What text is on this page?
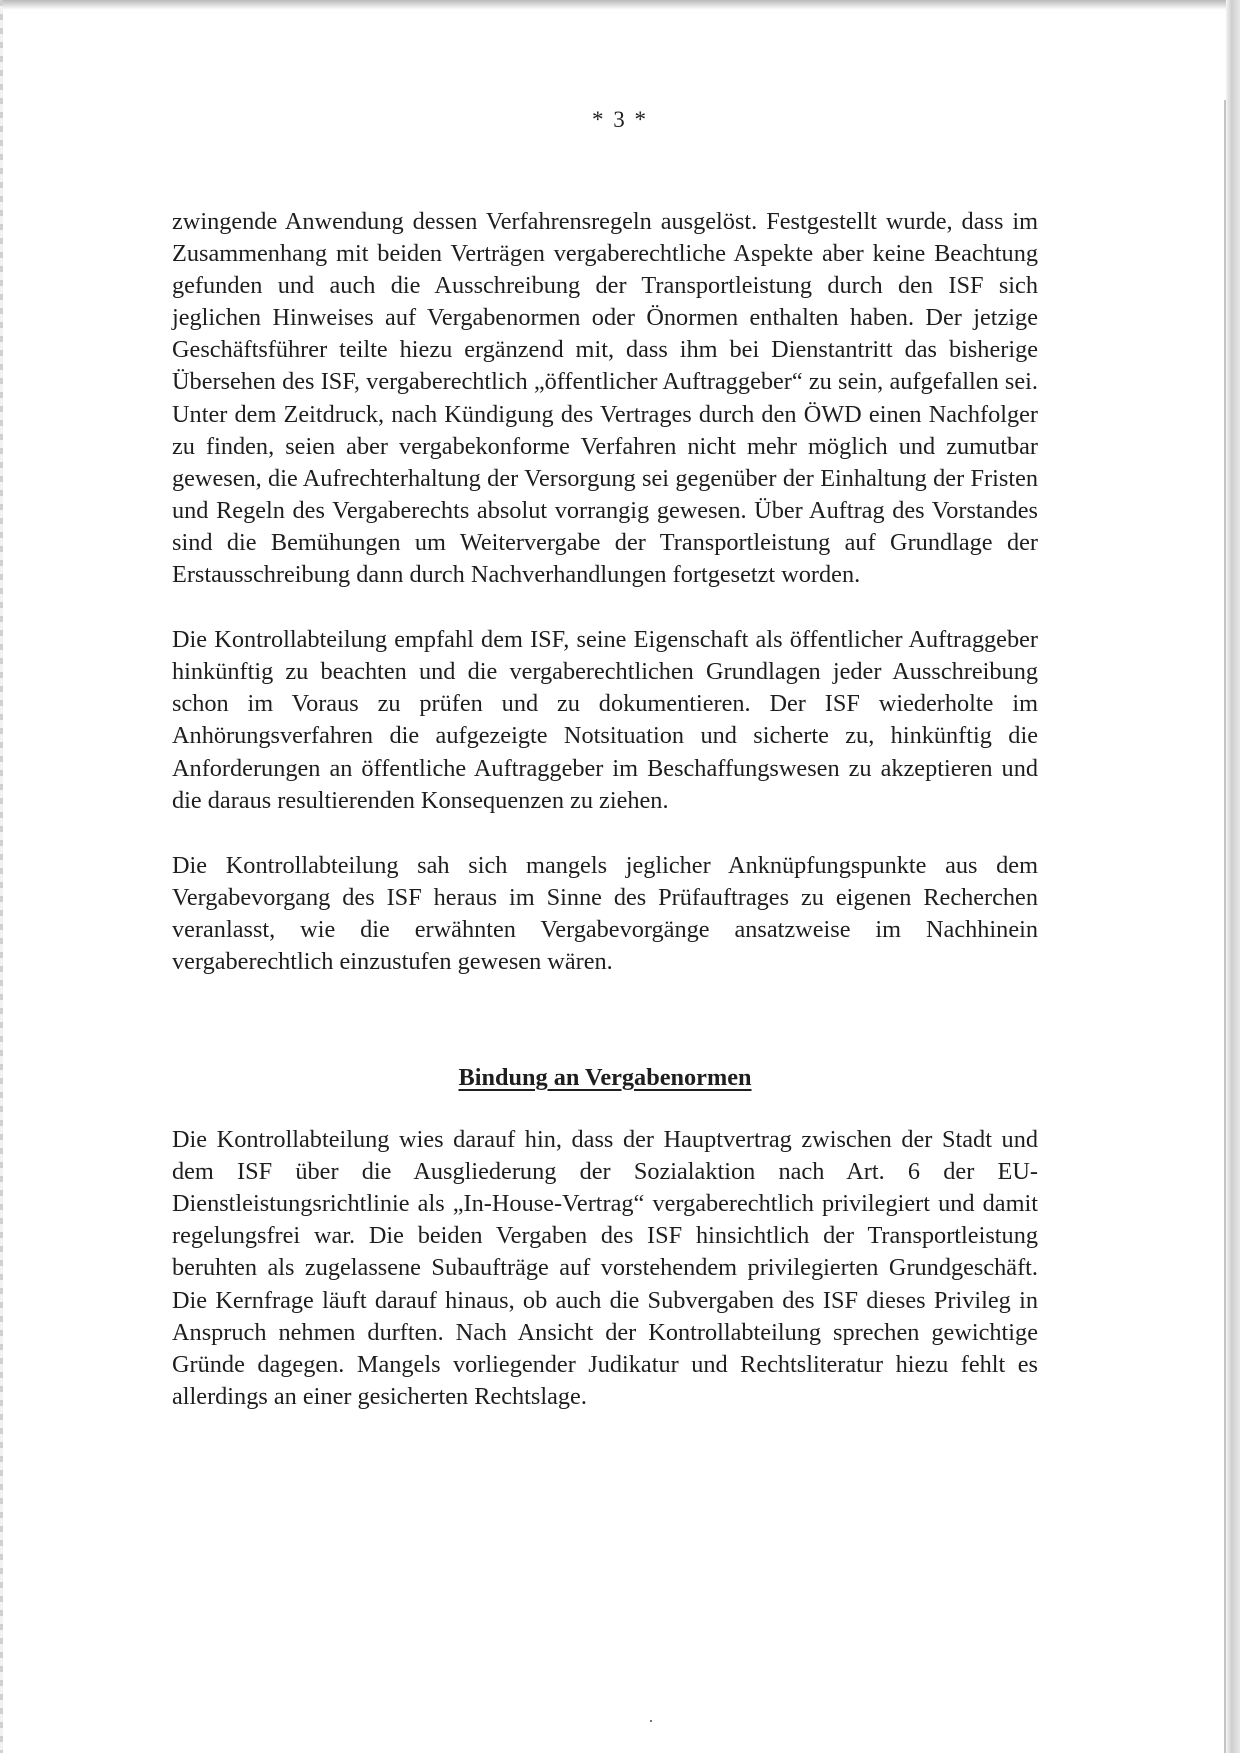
* 3 *

zwingende Anwendung dessen Verfahrensregeln ausgelöst. Festgestellt wurde, dass im Zusammenhang mit beiden Verträgen vergaberechtliche Aspekte aber keine Beachtung gefunden und auch die Ausschreibung der Transportleistung durch den ISF sich jeglichen Hinweises auf Vergabenormen oder Önormen enthalten haben. Der jetzige Geschäftsführer teilte hiezu ergänzend mit, dass ihm bei Dienstantritt das bisherige Übersehen des ISF, vergaberechtlich „öffentlicher Auftraggeber“ zu sein, aufgefallen sei. Unter dem Zeitdruck, nach Kündigung des Vertrages durch den ÖWD einen Nachfolger zu finden, seien aber vergabekonforme Verfahren nicht mehr möglich und zumutbar gewesen, die Aufrechterhaltung der Versorgung sei gegenüber der Einhaltung der Fristen und Regeln des Vergaberechts absolut vorrangig gewesen. Über Auftrag des Vorstandes sind die Bemühungen um Weitervergabe der Transportleistung auf Grundlage der Erstausschreibung dann durch Nachverhandlungen fortgesetzt worden.

Die Kontrollabteilung empfahl dem ISF, seine Eigenschaft als öffentlicher Auftraggeber hinkünftig zu beachten und die vergaberechtlichen Grundlagen jeder Ausschreibung schon im Voraus zu prüfen und zu dokumentieren. Der ISF wiederholte im Anhörungsverfahren die aufgezeigte Notsituation und sicherte zu, hinkünftig die Anforderungen an öffentliche Auftraggeber im Beschaffungswesen zu akzeptieren und die daraus resultierenden Konsequenzen zu ziehen.

Die Kontrollabteilung sah sich mangels jeglicher Anknüpfungspunkte aus dem Vergabevorgang des ISF heraus im Sinne des Prüfauftrages zu eigenen Recherchen veranlasst, wie die erwähnten Vergabevorgänge ansatzweise im Nachhinein vergaberechtlich einzustufen gewesen wären.

Bindung an Vergabenormen

Die Kontrollabteilung wies darauf hin, dass der Hauptvertrag zwischen der Stadt und dem ISF über die Ausgliederung der Sozialaktion nach Art. 6 der EU-Dienstleistungsrichtlinie als „In-House-Vertrag“ vergaberechtlich privilegiert und damit regelungsfrei war. Die beiden Vergaben des ISF hinsichtlich der Transportleistung beruhten als zugelassene Subaufträge auf vorstehendem privilegierten Grundgeschäft. Die Kernfrage läuft darauf hinaus, ob auch die Subvergaben des ISF dieses Privileg in Anspruch nehmen durften. Nach Ansicht der Kontrollabteilung sprechen gewichtige Gründe dagegen. Mangels vorliegender Judikatur und Rechtsliteratur hiezu fehlt es allerdings an einer gesicherten Rechtslage.
